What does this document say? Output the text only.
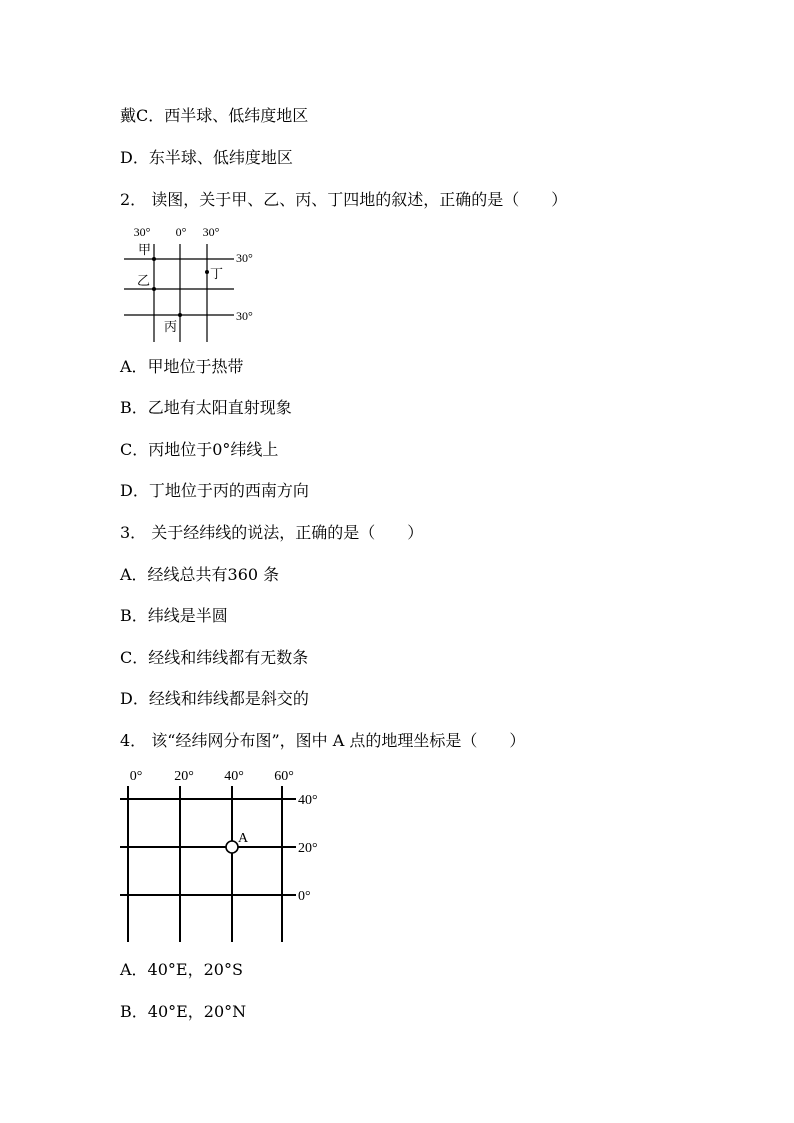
戴C．西半球、低纬度地区
D．东半球、低纬度地区
2． 读图，关于甲、乙、丙、丁四地的叙述，正确的是（　　）
30° 0° 30°
30°
30°
甲
乙
丙
丁
A．甲地位于热带
B．乙地有太阳直射现象
C．丙地位于0°纬线上
D．丁地位于丙的西南方向
3． 关于经纬线的说法，正确的是（　　）
A．经线总共有360 条
B．纬线是半圆
C．经线和纬线都有无数条
D．经线和纬线都是斜交的
4． 该“经纬网分布图”，图中 A 点的地理坐标是（　　）
0° 20° 40° 60°
40°
20°
0°
A
A．40°E，20°S
B．40°E，20°N
